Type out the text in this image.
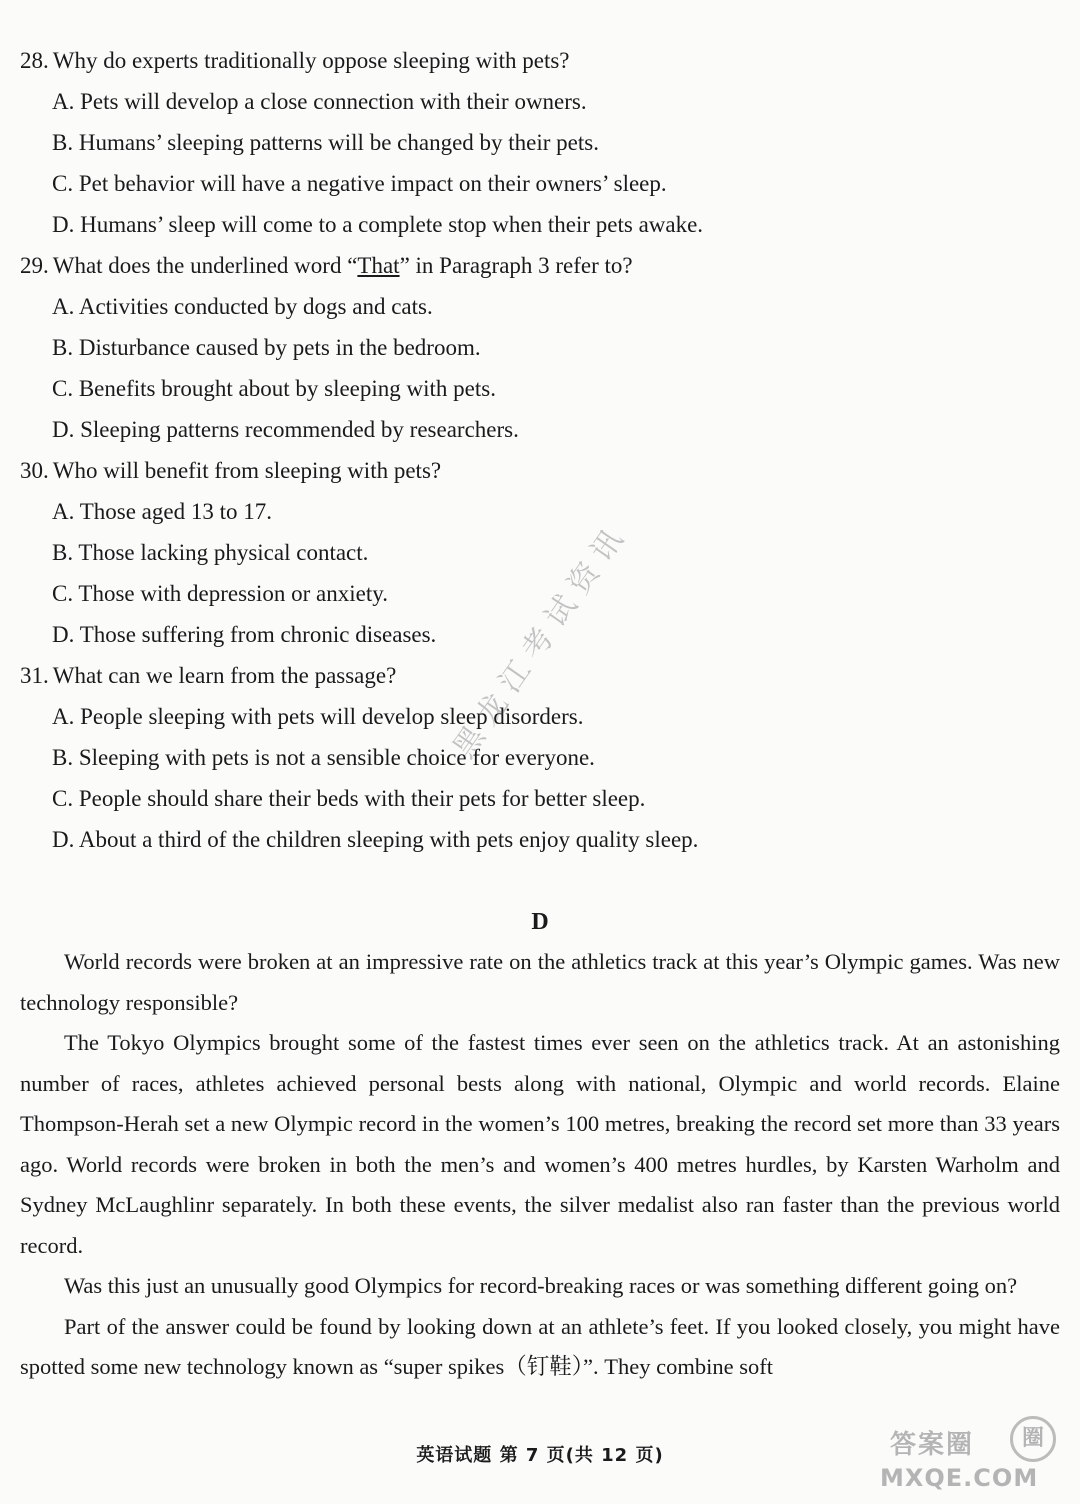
28. Why do experts traditionally oppose sleeping with pets?
A. Pets will develop a close connection with their owners.
B. Humans’ sleeping patterns will be changed by their pets.
C. Pet behavior will have a negative impact on their owners’ sleep.
D. Humans’ sleep will come to a complete stop when their pets awake.
29. What does the underlined word “That” in Paragraph 3 refer to?
A. Activities conducted by dogs and cats.
B. Disturbance caused by pets in the bedroom.
C. Benefits brought about by sleeping with pets.
D. Sleeping patterns recommended by researchers.
30. Who will benefit from sleeping with pets?
A. Those aged 13 to 17.
B. Those lacking physical contact.
C. Those with depression or anxiety.
D. Those suffering from chronic diseases.
31. What can we learn from the passage?
A. People sleeping with pets will develop sleep disorders.
B. Sleeping with pets is not a sensible choice for everyone.
C. People should share their beds with their pets for better sleep.
D. About a third of the children sleeping with pets enjoy quality sleep.
D

World records were broken at an impressive rate on the athletics track at this year’s Olympic games. Was new technology responsible?

The Tokyo Olympics brought some of the fastest times ever seen on the athletics track. At an astonishing number of races, athletes achieved personal bests along with national, Olympic and world records. Elaine Thompson-Herah set a new Olympic record in the women’s 100 metres, breaking the record set more than 33 years ago. World records were broken in both the men’s and women’s 400 metres hurdles, by Karsten Warholm and Sydney McLaughlinr separately. In both these events, the silver medalist also ran faster than the previous world record.

Was this just an unusually good Olympics for record-breaking races or was something different going on?

Part of the answer could be found by looking down at an athlete’s feet. If you looked closely, you might have spotted some new technology known as “super spikes（钉鞋）”. They combine soft

英语试题 第 7 页(共 12 页)
黑龙江考试资讯
答案圈	圈
MXQE.COM
